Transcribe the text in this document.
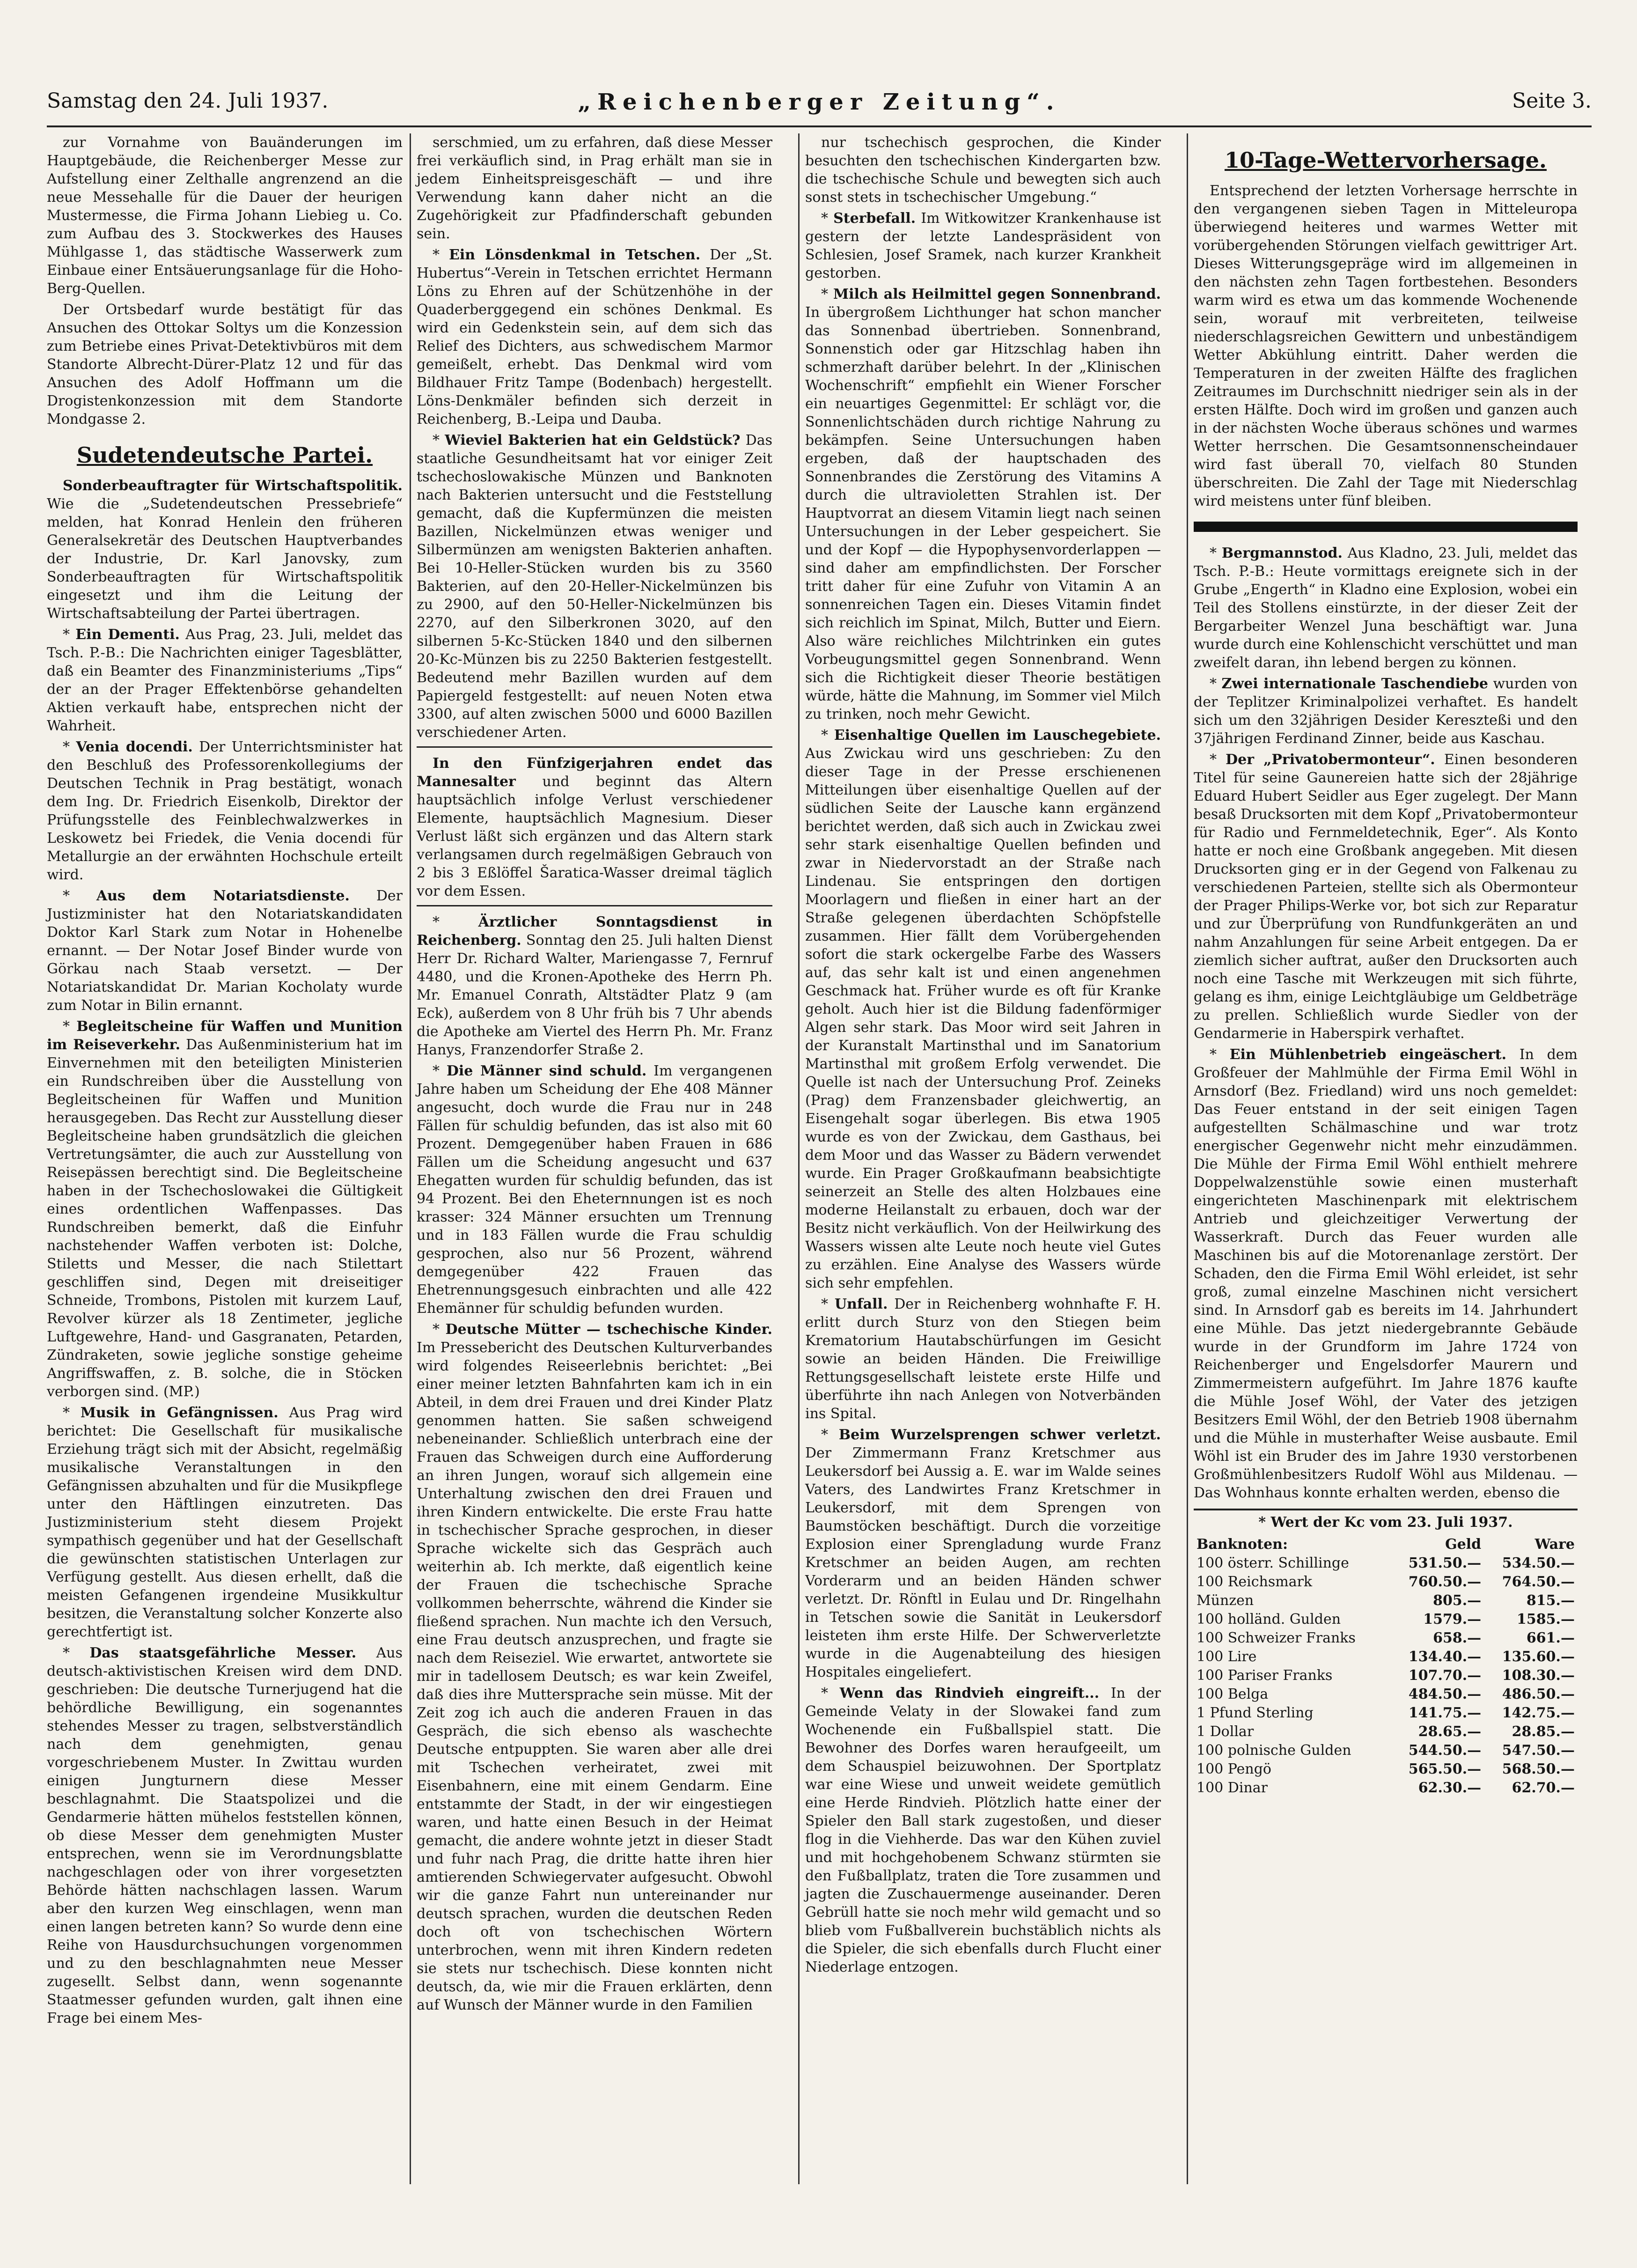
Samstag den 24. Juli 1937.	„Reichenberger Zeitung“.	Seite 3.

zur Vornahme von Bauänderungen im Hauptgebäude, die Reichenberger Messe zur Aufstellung einer Zelthalle angrenzend an die neue Messehalle für die Dauer der heurigen Mustermesse, die Firma Johann Liebieg u. Co. zum Aufbau des 3. Stockwerkes des Hauses Mühlgasse 1, das städtische Wasserwerk zum Einbaue einer Entsäuerungsanlage für die Hoho-Berg-Quellen.

Der Ortsbedarf wurde bestätigt für das Ansuchen des Ottokar Soltys um die Konzession zum Betriebe eines Privat-Detektivbüros mit dem Standorte Albrecht-Dürer-Platz 12 und für das Ansuchen des Adolf Hoffmann um die Drogistenkonzession mit dem Standorte Mondgasse 2.

Sudetendeutsche Partei.

Sonderbeauftragter für Wirtschaftspolitik. Wie die „Sudetendeutschen Pressebriefe“ melden, hat Konrad Henlein den früheren Generalsekretär des Deutschen Hauptverbandes der Industrie, Dr. Karl Janovsky, zum Sonderbeauftragten für Wirtschaftspolitik eingesetzt und ihm die Leitung der Wirtschaftsabteilung der Partei übertragen.

* Ein Dementi. Aus Prag, 23. Juli, meldet das Tsch. P.-B.: Die Nachrichten einiger Tagesblätter, daß ein Beamter des Finanzministeriums „Tips“ der an der Prager Effektenbörse gehandelten Aktien verkauft habe, entsprechen nicht der Wahrheit.

* Venia docendi. Der Unterrichtsminister hat den Beschluß des Professorenkollegiums der Deutschen Technik in Prag bestätigt, wonach dem Ing. Dr. Friedrich Eisenkolb, Direktor der Prüfungsstelle des Feinblechwalzwerkes in Leskowetz bei Friedek, die Venia docendi für Metallurgie an der erwähnten Hochschule erteilt wird.

* Aus dem Notariatsdienste. Der Justizminister hat den Notariatskandidaten Doktor Karl Stark zum Notar in Hohenelbe ernannt. — Der Notar Josef Binder wurde von Görkau nach Staab versetzt. — Der Notariatskandidat Dr. Marian Kocholaty wurde zum Notar in Bilin ernannt.

* Begleitscheine für Waffen und Munition im Reiseverkehr. Das Außenministerium hat im Einvernehmen mit den beteiligten Ministerien ein Rundschreiben über die Ausstellung von Begleitscheinen für Waffen und Munition herausgegeben. Das Recht zur Ausstellung dieser Begleitscheine haben grundsätzlich die gleichen Vertretungsämter, die auch zur Ausstellung von Reisepässen berechtigt sind. Die Begleitscheine haben in der Tschechoslowakei die Gültigkeit eines ordentlichen Waffenpasses. Das Rundschreiben bemerkt, daß die Einfuhr nachstehender Waffen verboten ist: Dolche, Stiletts und Messer, die nach Stilettart geschliffen sind, Degen mit dreiseitiger Schneide, Trombons, Pistolen mit kurzem Lauf, Revolver kürzer als 18 Zentimeter, jegliche Luftgewehre, Hand- und Gasgranaten, Petarden, Zündraketen, sowie jegliche sonstige geheime Angriffswaffen, z. B. solche, die in Stöcken verborgen sind. (MP.)

* Musik in Gefängnissen. Aus Prag wird berichtet: Die Gesellschaft für musikalische Erziehung trägt sich mit der Absicht, regelmäßig musikalische Veranstaltungen in den Gefängnissen abzuhalten und für die Musikpflege unter den Häftlingen einzutreten. Das Justizministerium steht diesem Projekt sympathisch gegenüber und hat der Gesellschaft die gewünschten statistischen Unterlagen zur Verfügung gestellt. Aus diesen erhellt, daß die meisten Gefangenen irgendeine Musikkultur besitzen, die Veranstaltung solcher Konzerte also gerechtfertigt ist.

* Das staatsgefährliche Messer. Aus deutsch-aktivistischen Kreisen wird dem DND. geschrieben: Die deutsche Turnerjugend hat die behördliche Bewilligung, ein sogenanntes stehendes Messer zu tragen, selbstverständlich nach dem genehmigten, genau vorgeschriebenem Muster. In Zwittau wurden einigen Jungturnern diese Messer beschlagnahmt. Die Staatspolizei und die Gendarmerie hätten mühelos feststellen können, ob diese Messer dem genehmigten Muster entsprechen, wenn sie im Verordnungsblatte nachgeschlagen oder von ihrer vorgesetzten Behörde hätten nachschlagen lassen. Warum aber den kurzen Weg einschlagen, wenn man einen langen betreten kann? So wurde denn eine Reihe von Hausdurchsuchungen vorgenommen und zu den beschlagnahmten neue Messer zugesellt. Selbst dann, wenn sogenannte Staatmesser gefunden wurden, galt ihnen eine Frage bei einem Mes-

serschmied, um zu erfahren, daß diese Messer frei verkäuflich sind, in Prag erhält man sie in jedem Einheitspreisgeschäft — und ihre Verwendung kann daher nicht an die Zugehörigkeit zur Pfadfinderschaft gebunden sein.

* Ein Lönsdenkmal in Tetschen. Der „St. Hubertus“-Verein in Tetschen errichtet Hermann Löns zu Ehren auf der Schützenhöhe in der Quaderberggegend ein schönes Denkmal. Es wird ein Gedenkstein sein, auf dem sich das Relief des Dichters, aus schwedischem Marmor gemeißelt, erhebt. Das Denkmal wird vom Bildhauer Fritz Tampe (Bodenbach) hergestellt. Löns-Denkmäler befinden sich derzeit in Reichenberg, B.-Leipa und Dauba.

* Wieviel Bakterien hat ein Geldstück? Das staatliche Gesundheitsamt hat vor einiger Zeit tschechoslowakische Münzen und Banknoten nach Bakterien untersucht und die Feststellung gemacht, daß die Kupfermünzen die meisten Bazillen, Nickelmünzen etwas weniger und Silbermünzen am wenigsten Bakterien anhaften. Bei 10-Heller-Stücken wurden bis zu 3560 Bakterien, auf den 20-Heller-Nickelmünzen bis zu 2900, auf den 50-Heller-Nickelmünzen bis 2270, auf den Silberkronen 3020, auf den silbernen 5-Kc-Stücken 1840 und den silbernen 20-Kc-Münzen bis zu 2250 Bakterien festgestellt. Bedeutend mehr Bazillen wurden auf dem Papiergeld festgestellt: auf neuen Noten etwa 3300, auf alten zwischen 5000 und 6000 Bazillen verschiedener Arten.

In den Fünfzigerjahren endet das Mannesalter und beginnt das Altern hauptsächlich infolge Verlust verschiedener Elemente, hauptsächlich Magnesium. Dieser Verlust läßt sich ergänzen und das Altern stark verlangsamen durch regelmäßigen Gebrauch von 2 bis 3 Eßlöffel Šaratica-Wasser dreimal täglich vor dem Essen.

* Ärztlicher Sonntagsdienst in Reichenberg. Sonntag den 25. Juli halten Dienst Herr Dr. Richard Walter, Mariengasse 7, Fernruf 4480, und die Kronen-Apotheke des Herrn Ph. Mr. Emanuel Conrath, Altstädter Platz 9 (am Eck), außerdem von 8 Uhr früh bis 7 Uhr abends die Apotheke am Viertel des Herrn Ph. Mr. Franz Hanys, Franzendorfer Straße 2.

* Die Männer sind schuld. Im vergangenen Jahre haben um Scheidung der Ehe 408 Männer angesucht, doch wurde die Frau nur in 248 Fällen für schuldig befunden, das ist also mit 60 Prozent. Demgegenüber haben Frauen in 686 Fällen um die Scheidung angesucht und 637 Ehegatten wurden für schuldig befunden, das ist 94 Prozent. Bei den Eheternnungen ist es noch krasser: 324 Männer ersuchten um Trennung und in 183 Fällen wurde die Frau schuldig gesprochen, also nur 56 Prozent, während demgegenüber 422 Frauen das Ehetrennungsgesuch einbrachten und alle 422 Ehemänner für schuldig befunden wurden.

* Deutsche Mütter — tschechische Kinder. Im Pressebericht des Deutschen Kulturverbandes wird folgendes Reiseerlebnis berichtet: „Bei einer meiner letzten Bahnfahrten kam ich in ein Abteil, in dem drei Frauen und drei Kinder Platz genommen hatten. Sie saßen schweigend nebeneinander. Schließlich unterbrach eine der Frauen das Schweigen durch eine Aufforderung an ihren Jungen, worauf sich allgemein eine Unterhaltung zwischen den drei Frauen und ihren Kindern entwickelte. Die erste Frau hatte in tschechischer Sprache gesprochen, in dieser Sprache wickelte sich das Gespräch auch weiterhin ab. Ich merkte, daß eigentlich keine der Frauen die tschechische Sprache vollkommen beherrschte, während die Kinder sie fließend sprachen. Nun machte ich den Versuch, eine Frau deutsch anzusprechen, und fragte sie nach dem Reiseziel. Wie erwartet, antwortete sie mir in tadellosem Deutsch; es war kein Zweifel, daß dies ihre Muttersprache sein müsse. Mit der Zeit zog ich auch die anderen Frauen in das Gespräch, die sich ebenso als waschechte Deutsche entpuppten. Sie waren aber alle drei mit Tschechen verheiratet, zwei mit Eisenbahnern, eine mit einem Gendarm. Eine entstammte der Stadt, in der wir eingestiegen waren, und hatte einen Besuch in der Heimat gemacht, die andere wohnte jetzt in dieser Stadt und fuhr nach Prag, die dritte hatte ihren hier amtierenden Schwiegervater aufgesucht. Obwohl wir die ganze Fahrt nun untereinander nur deutsch sprachen, wurden die deutschen Reden doch oft von tschechischen Wörtern unterbrochen, wenn mit ihren Kindern redeten sie stets nur tschechisch. Diese konnten nicht deutsch, da, wie mir die Frauen erklärten, denn auf Wunsch der Männer wurde in den Familien

nur tschechisch gesprochen, die Kinder besuchten den tschechischen Kindergarten bzw. die tschechische Schule und bewegten sich auch sonst stets in tschechischer Umgebung.“

* Sterbefall. Im Witkowitzer Krankenhause ist gestern der letzte Landespräsident von Schlesien, Josef Sramek, nach kurzer Krankheit gestorben.

* Milch als Heilmittel gegen Sonnenbrand. In übergroßem Lichthunger hat schon mancher das Sonnenbad übertrieben. Sonnenbrand, Sonnenstich oder gar Hitzschlag haben ihn schmerzhaft darüber belehrt. In der „Klinischen Wochenschrift“ empfiehlt ein Wiener Forscher ein neuartiges Gegenmittel: Er schlägt vor, die Sonnenlichtschäden durch richtige Nahrung zu bekämpfen. Seine Untersuchungen haben ergeben, daß der hauptschaden des Sonnenbrandes die Zerstörung des Vitamins A durch die ultravioletten Strahlen ist. Der Hauptvorrat an diesem Vitamin liegt nach seinen Untersuchungen in der Leber gespeichert. Sie und der Kopf — die Hypophysenvorderlappen — sind daher am empfindlichsten. Der Forscher tritt daher für eine Zufuhr von Vitamin A an sonnenreichen Tagen ein. Dieses Vitamin findet sich reichlich im Spinat, Milch, Butter und Eiern. Also wäre reichliches Milchtrinken ein gutes Vorbeugungsmittel gegen Sonnenbrand. Wenn sich die Richtigkeit dieser Theorie bestätigen würde, hätte die Mahnung, im Sommer viel Milch zu trinken, noch mehr Gewicht.

* Eisenhaltige Quellen im Lauschegebiete. Aus Zwickau wird uns geschrieben: Zu den dieser Tage in der Presse erschienenen Mitteilungen über eisenhaltige Quellen auf der südlichen Seite der Lausche kann ergänzend berichtet werden, daß sich auch in Zwickau zwei sehr stark eisenhaltige Quellen befinden und zwar in Niedervorstadt an der Straße nach Lindenau. Sie entspringen den dortigen Moorlagern und fließen in einer hart an der Straße gelegenen überdachten Schöpfstelle zusammen. Hier fällt dem Vorübergehenden sofort die stark ockergelbe Farbe des Wassers auf, das sehr kalt ist und einen angenehmen Geschmack hat. Früher wurde es oft für Kranke geholt. Auch hier ist die Bildung fadenförmiger Algen sehr stark. Das Moor wird seit Jahren in der Kuranstalt Martinsthal und im Sanatorium Martinsthal mit großem Erfolg verwendet. Die Quelle ist nach der Untersuchung Prof. Zeineks (Prag) dem Franzensbader gleichwertig, an Eisengehalt sogar überlegen. Bis etwa 1905 wurde es von der Zwickau, dem Gasthaus, bei dem Moor und das Wasser zu Bädern verwendet wurde. Ein Prager Großkaufmann beabsichtigte seinerzeit an Stelle des alten Holzbaues eine moderne Heilanstalt zu erbauen, doch war der Besitz nicht verkäuflich. Von der Heilwirkung des Wassers wissen alte Leute noch heute viel Gutes zu erzählen. Eine Analyse des Wassers würde sich sehr empfehlen.

* Unfall. Der in Reichenberg wohnhafte F. H. erlitt durch Sturz von den Stiegen beim Krematorium Hautabschürfungen im Gesicht sowie an beiden Händen. Die Freiwillige Rettungsgesellschaft leistete erste Hilfe und überführte ihn nach Anlegen von Notverbänden ins Spital.

* Beim Wurzelsprengen schwer verletzt. Der Zimmermann Franz Kretschmer aus Leukersdorf bei Aussig a. E. war im Walde seines Vaters, des Landwirtes Franz Kretschmer in Leukersdorf, mit dem Sprengen von Baumstöcken beschäftigt. Durch die vorzeitige Explosion einer Sprengladung wurde Franz Kretschmer an beiden Augen, am rechten Vorderarm und an beiden Händen schwer verletzt. Dr. Rönftl in Eulau und Dr. Ringelhahn in Tetschen sowie die Sanität in Leukersdorf leisteten ihm erste Hilfe. Der Schwerverletzte wurde in die Augenabteilung des hiesigen Hospitales eingeliefert.

* Wenn das Rindvieh eingreift... In der Gemeinde Velaty in der Slowakei fand zum Wochenende ein Fußballspiel statt. Die Bewohner des Dorfes waren heraufgeeilt, um dem Schauspiel beizuwohnen. Der Sportplatz war eine Wiese und unweit weidete gemütlich eine Herde Rindvieh. Plötzlich hatte einer der Spieler den Ball stark zugestoßen, und dieser flog in die Viehherde. Das war den Kühen zuviel und mit hochgehobenem Schwanz stürmten sie den Fußballplatz, traten die Tore zusammen und jagten die Zuschauermenge auseinander. Deren Gebrüll hatte sie noch mehr wild gemacht und so blieb vom Fußballverein buchstäblich nichts als die Spieler, die sich ebenfalls durch Flucht einer Niederlage entzogen.

10-Tage-Wettervorhersage.

Entsprechend der letzten Vorhersage herrschte in den vergangenen sieben Tagen in Mitteleuropa überwiegend heiteres und warmes Wetter mit vorübergehenden Störungen vielfach gewittriger Art. Dieses Witterungsgepräge wird im allgemeinen in den nächsten zehn Tagen fortbestehen. Besonders warm wird es etwa um das kommende Wochenende sein, worauf mit verbreiteten, teilweise niederschlagsreichen Gewittern und unbeständigem Wetter Abkühlung eintritt. Daher werden die Temperaturen in der zweiten Hälfte des fraglichen Zeitraumes im Durchschnitt niedriger sein als in der ersten Hälfte. Doch wird im großen und ganzen auch in der nächsten Woche überaus schönes und warmes Wetter herrschen. Die Gesamtsonnenscheindauer wird fast überall 70, vielfach 80 Stunden überschreiten. Die Zahl der Tage mit Niederschlag wird meistens unter fünf bleiben.

* Bergmannstod. Aus Kladno, 23. Juli, meldet das Tsch. P.-B.: Heute vormittags ereignete sich in der Grube „Engerth“ in Kladno eine Explosion, wobei ein Teil des Stollens einstürzte, in der dieser Zeit der Bergarbeiter Wenzel Juna beschäftigt war. Juna wurde durch eine Kohlenschicht verschüttet und man zweifelt daran, ihn lebend bergen zu können.

* Zwei internationale Taschendiebe wurden von der Teplitzer Kriminalpolizei verhaftet. Es handelt sich um den 32jährigen Desider Kereszteßi und den 37jährigen Ferdinand Zinner, beide aus Kaschau.

* Der „Privatobermonteur“. Einen besonderen Titel für seine Gaunereien hatte sich der 28jährige Eduard Hubert Seidler aus Eger zugelegt. Der Mann besaß Drucksorten mit dem Kopf „Privatobermonteur für Radio und Fernmeldetechnik, Eger“. Als Konto hatte er noch eine Großbank angegeben. Mit diesen Drucksorten ging er in der Gegend von Falkenau zu verschiedenen Parteien, stellte sich als Obermonteur der Prager Philips-Werke vor, bot sich zur Reparatur und zur Überprüfung von Rundfunkgeräten an und nahm Anzahlungen für seine Arbeit entgegen. Da er ziemlich sicher auftrat, außer den Drucksorten auch noch eine Tasche mit Werkzeugen mit sich führte, gelang es ihm, einige Leichtgläubige um Geldbeträge zu prellen. Schließlich wurde Siedler von der Gendarmerie in Haberspirk verhaftet.

* Ein Mühlenbetrieb eingeäschert. In dem Großfeuer der Mahlmühle der Firma Emil Wöhl in Arnsdorf (Bez. Friedland) wird uns noch gemeldet: Das Feuer entstand in der seit einigen Tagen aufgestellten Schälmaschine und war trotz energischer Gegenwehr nicht mehr einzudämmen. Die Mühle der Firma Emil Wöhl enthielt mehrere Doppelwalzenstühle sowie einen musterhaft eingerichteten Maschinenpark mit elektrischem Antrieb und gleichzeitiger Verwertung der Wasserkraft. Durch das Feuer wurden alle Maschinen bis auf die Motorenanlage zerstört. Der Schaden, den die Firma Emil Wöhl erleidet, ist sehr groß, zumal einzelne Maschinen nicht versichert sind. In Arnsdorf gab es bereits im 14. Jahrhundert eine Mühle. Das jetzt niedergebrannte Gebäude wurde in der Grundform im Jahre 1724 von Reichenberger und Engelsdorfer Maurern und Zimmermeistern aufgeführt. Im Jahre 1876 kaufte die Mühle Josef Wöhl, der Vater des jetzigen Besitzers Emil Wöhl, der den Betrieb 1908 übernahm und die Mühle in musterhafter Weise ausbaute. Emil Wöhl ist ein Bruder des im Jahre 1930 verstorbenen Großmühlenbesitzers Rudolf Wöhl aus Mildenau. — Das Wohnhaus konnte erhalten werden, ebenso die

* Wert der Kc vom 23. Juli 1937.
Banknoten:	Geld	Ware
100 österr. Schillinge	531.50.—	534.50.—
100 Reichsmark	760.50.—	764.50.—
Münzen	805.—	815.—
100 holländ. Gulden	1579.—	1585.—
100 Schweizer Franks	658.—	661.—
100 Lire	134.40.—	135.60.—
100 Pariser Franks	107.70.—	108.30.—
100 Belga	484.50.—	486.50.—
1 Pfund Sterling	141.75.—	142.75.—
1 Dollar	28.65.—	28.85.—
100 polnische Gulden	544.50.—	547.50.—
100 Pengö	565.50.—	568.50.—
100 Dinar	62.30.—	62.70.—
